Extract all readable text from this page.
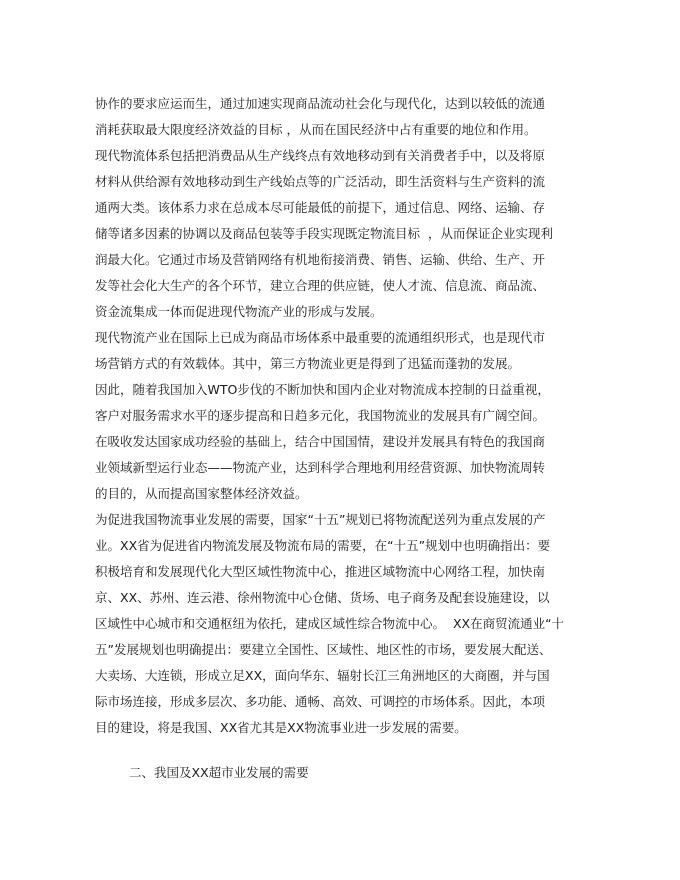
协作的要求应运而生，通过加速实现商品流动社会化与现代化，达到以较低的流通
消耗获取最大限度经济效益的目标 ，从而在国民经济中占有重要的地位和作用。
现代物流体系包括把消费品从生产线终点有效地移动到有关消费者手中，以及将原
材料从供给源有效地移动到生产线始点等的广泛活动，即生活资料与生产资料的流
通两大类。该体系力求在总成本尽可能最低的前提下，通过信息、网络、运输、存
储等诸多因素的协调以及商品包装等手段实现既定物流目标  ，从而保证企业实现利
润最大化。它通过市场及营销网络有机地衔接消费、销售、运输、供给、生产、开
发等社会化大生产的各个环节，建立合理的供应链，使人才流、信息流、商品流、
资金流集成一体而促进现代物流产业的形成与发展。
现代物流产业在国际上已成为商品市场体系中最重要的流通组织形式，也是现代市
场营销方式的有效载体。其中，第三方物流业更是得到了迅猛而蓬勃的发展。
因此，随着我国加入WTO步伐的不断加快和国内企业对物流成本控制的日益重视，
客户对服务需求水平的逐步提高和日趋多元化，我国物流业的发展具有广阔空间。
在吸收发达国家成功经验的基础上，结合中国国情，建设并发展具有特色的我国商
业领域新型运行业态——物流产业，达到科学合理地利用经营资源、加快物流周转
的目的，从而提高国家整体经济效益。
为促进我国物流事业发展的需要，国家“十五”规划已将物流配送列为重点发展的产
业。XX省为促进省内物流发展及物流布局的需要，在“十五”规划中也明确指出：要
积极培育和发展现代化大型区域性物流中心，推进区域物流中心网络工程，加快南
京、XX、苏州、连云港、徐州物流中心仓储、货场、电子商务及配套设施建设，以
区域性中心城市和交通枢纽为依托，建成区域性综合物流中心。  XX在商贸流通业“十
五”发展规划也明确提出：要建立全国性、区域性、地区性的市场，要发展大配送、
大卖场、大连锁，形成立足XX，面向华东、辐射长江三角洲地区的大商圈，并与国
际市场连接，形成多层次、多功能、通畅、高效、可调控的市场体系。因此，本项
目的建设，将是我国、XX省尤其是XX物流事业进一步发展的需要。
二、我国及XX超市业发展的需要
